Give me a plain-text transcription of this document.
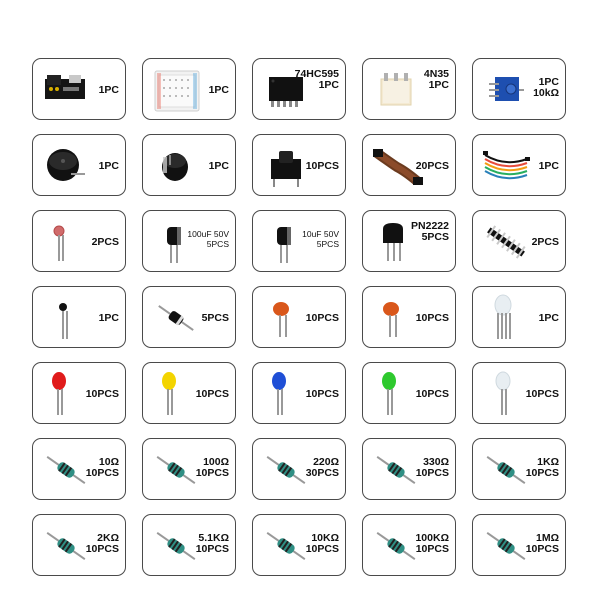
1PC	1PC
74HC595
1PC
4N35
1PC	1PC
10kΩ
1PC	1PC	10PCS	20PCS	1PC
2PCS
100uF 50V
5PCS
10uF 50V
5PCS
PN2222
5PCS	2PCS
1PC	5PCS	10PCS	10PCS	1PC
10PCS	10PCS	10PCS	10PCS	10PCS
10Ω
10PCS
100Ω
10PCS
220Ω
30PCS
330Ω
10PCS
1KΩ
10PCS
2KΩ
10PCS
5.1KΩ
10PCS
10KΩ
10PCS
100KΩ
10PCS
1MΩ
10PCS
